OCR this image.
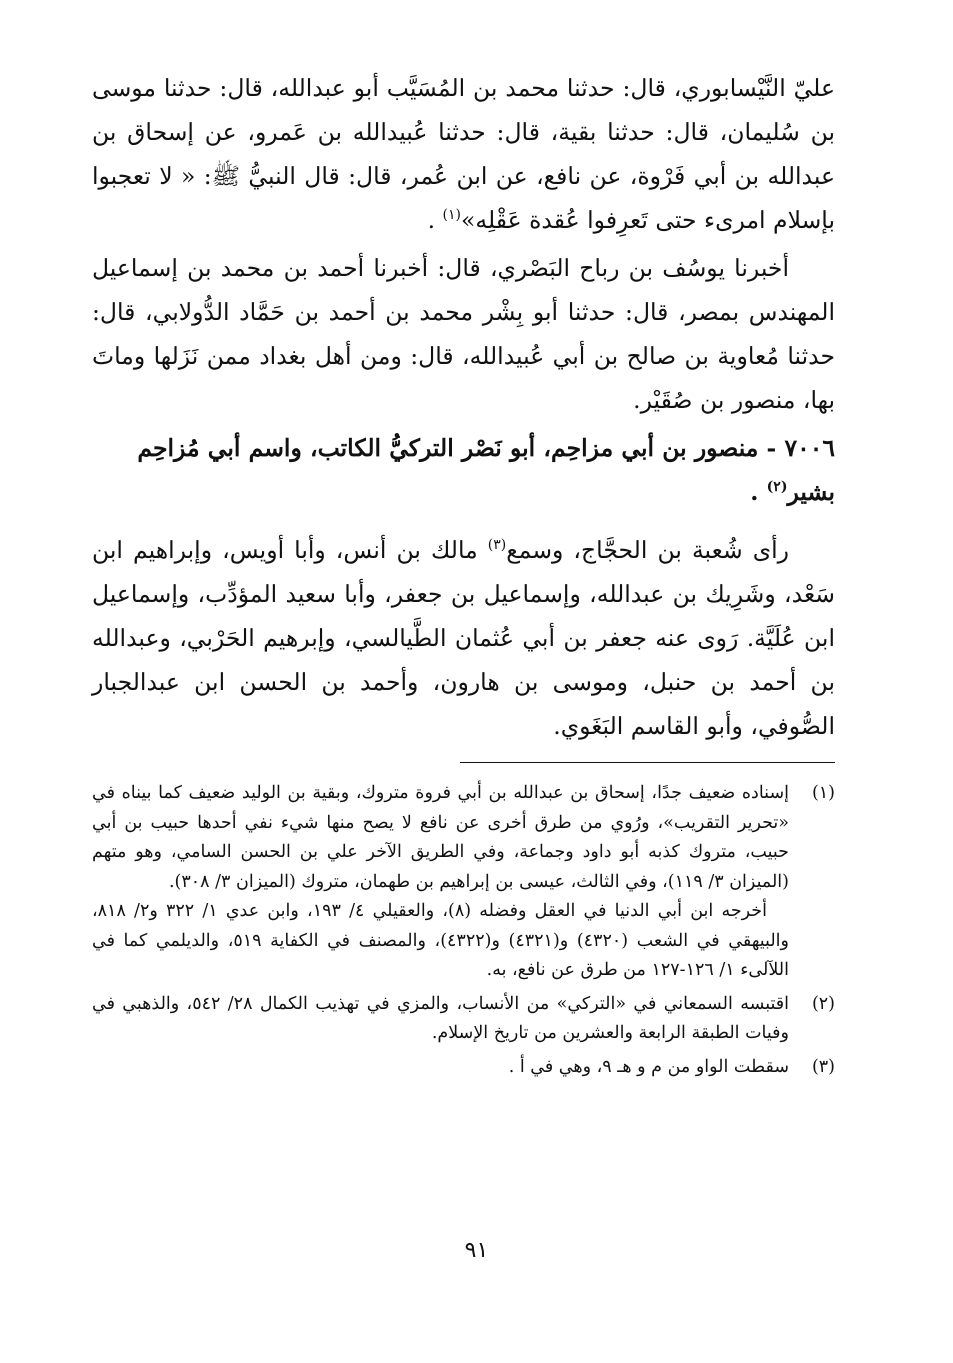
عليّ النَّيْسابوري، قال: حدثنا محمد بن المُسَيَّب أبو عبدالله، قال: حدثنا موسى بن سُليمان، قال: حدثنا بقية، قال: حدثنا عُبيدالله بن عَمرو، عن إسحاق بن عبدالله بن أبي فَرْوة، عن نافع، عن ابن عُمر، قال: قال النبيُّ ﷺ: « لا تعجبوا بإسلام امرىء حتى تَعرِفوا عُقدة عَقْلِه»$^{(١)}$ .

أخبرنا يوسُف بن رباح البَصْري، قال: أخبرنا أحمد بن محمد بن إسماعيل المهندس بمصر، قال: حدثنا أبو بِشْر محمد بن أحمد بن حَمَّاد الدُّولابي، قال: حدثنا مُعاوية بن صالح بن أبي عُبيدالله، قال: ومن أهل بغداد ممن نَزَلها وماتَ بها، منصور بن صُقَيْر.

٧٠٠٦ - منصور بن أبي مزاحِم، أبو نَصْر التركيُّ الكاتب، واسم أبي مُزاحِم بشير$^{(٢)}$ .

رأى شُعبة بن الحجَّاج، وسمع$^{(٣)}$ مالك بن أنس، وأبا أويس، وإبراهيم ابن سَعْد، وشَرِيك بن عبدالله، وإسماعيل بن جعفر، وأبا سعيد المؤدِّب، وإسماعيل ابن عُلَيَّة. رَوى عنه جعفر بن أبي عُثمان الطَّيالسي، وإبرهيم الحَرْبي، وعبدالله بن أحمد بن حنبل، وموسى بن هارون، وأحمد بن الحسن ابن عبدالجبار الصُّوفي، وأبو القاسم البَغَوي.

(١)
إسناده ضعيف جدًا، إسحاق بن عبدالله بن أبي فروة متروك، وبقية بن الوليد ضعيف كما بيناه في «تحرير التقريب»، ورُوي من طرق أخرى عن نافع لا يصح منها شيء نفي أحدها حبيب بن أبي حبيب، متروك كذبه أبو داود وجماعة، وفي الطريق الآخر علي بن الحسن السامي، وهو متهم (الميزان ٣/ ١١٩)، وفي الثالث، عيسى بن إبراهيم بن طهمان، متروك (الميزان ٣/ ٣٠٨).
أخرجه ابن أبي الدنيا في العقل وفضله (٨)، والعقيلي ٤/ ١٩٣، وابن عدي ١/ ٣٢٢ و٢/ ٨١٨، والبيهقي في الشعب (٤٣٢٠) و(٤٣٢١) و(٤٣٢٢)، والمصنف في الكفاية ٥١٩، والديلمي كما في اللآلىء ١/ ١٢٦-١٢٧ من طرق عن نافع، به.
(٢)
اقتبسه السمعاني في «التركي» من الأنساب، والمزي في تهذيب الكمال ٢٨/ ٥٤٢، والذهبي في وفيات الطبقة الرابعة والعشرين من تاريخ الإسلام.
(٣)
سقطت الواو من م و هـ ٩، وهي في أ .
٩١
